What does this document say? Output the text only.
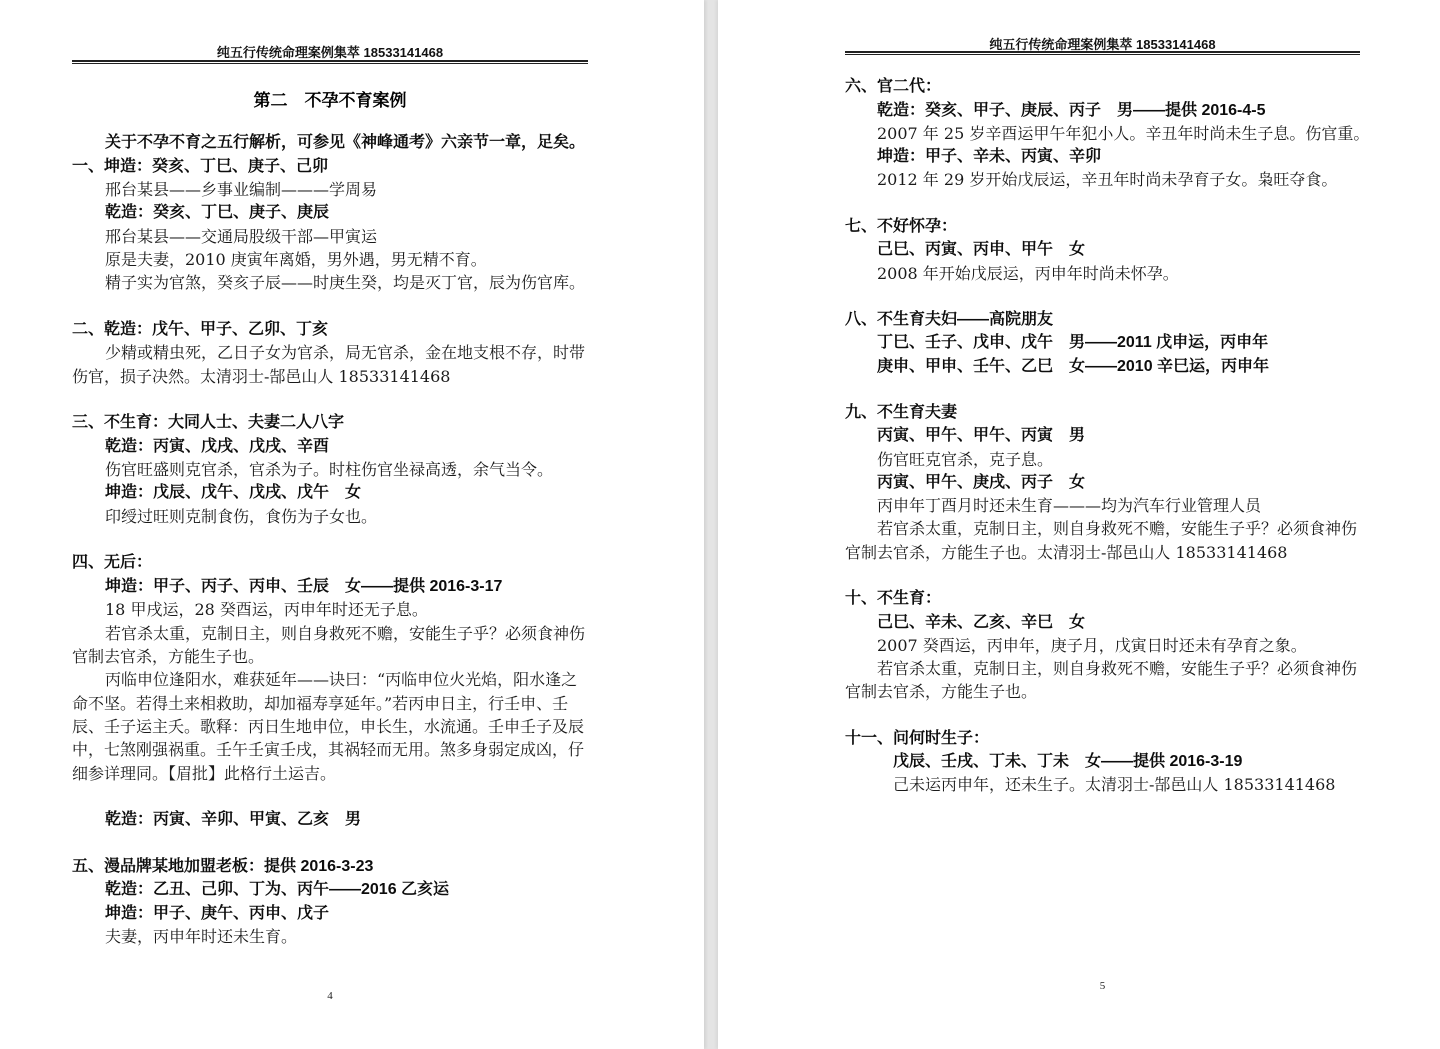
纯五行传统命理案例集萃 18533141468
第二　不孕不育案例
关于不孕不育之五行解析，可参见《神峰通考》六亲节一章，足矣。
一、坤造：癸亥、丁巳、庚子、己卯
邢台某县——乡事业编制———学周易
乾造：癸亥、丁巳、庚子、庚辰
邢台某县——交通局股级干部—甲寅运
原是夫妻，2010 庚寅年离婚，男外遇，男无精不育。
精子实为官煞，癸亥子辰——时庚生癸，均是灭丁官，辰为伤官库。
二、乾造：戊午、甲子、乙卯、丁亥
少精或精虫死，乙日子女为官杀，局无官杀，金在地支根不存，时带
伤官，损子决然。太清羽士-郜邑山人 18533141468
三、不生育：大同人士、夫妻二人八字
乾造：丙寅、戊戌、戊戌、辛酉
伤官旺盛则克官杀，官杀为子。时柱伤官坐禄高透，余气当令。
坤造：戊辰、戊午、戊戌、戊午　女
印绶过旺则克制食伤，食伤为子女也。
四、无后：
坤造：甲子、丙子、丙申、壬辰　女——提供 2016-3-17
18 甲戌运，28 癸酉运，丙申年时还无子息。
若官杀太重，克制日主，则自身救死不赡，安能生子乎？必须食神伤
官制去官杀，方能生子也。
丙临申位逢阳水，难获延年——诀曰：“丙临申位火光焰，阳水逢之
命不坚。若得土来相救助，却加福寿享延年。”若丙申日主，行壬申、壬
辰、壬子运主夭。歌释：丙日生地申位，申长生，水流通。壬申壬子及辰
中，七煞刚强祸重。壬午壬寅壬戌，其祸轻而无用。煞多身弱定成凶，仔
细参详理同。【眉批】此格行土运吉。
乾造：丙寅、辛卯、甲寅、乙亥　男
五、漫品牌某地加盟老板：提供 2016-3-23
乾造：乙丑、己卯、丁为、丙午——2016 乙亥运
坤造：甲子、庚午、丙申、戊子
夫妻，丙申年时还未生育。
4
纯五行传统命理案例集萃 18533141468
六、官二代：
乾造：癸亥、甲子、庚辰、丙子　男——提供 2016-4-5
2007 年 25 岁辛酉运甲午年犯小人。辛丑年时尚未生子息。伤官重。
坤造：甲子、辛未、丙寅、辛卯
2012 年 29 岁开始戊辰运，辛丑年时尚未孕育子女。枭旺夺食。
七、不好怀孕：
己巳、丙寅、丙申、甲午　女
2008 年开始戊辰运，丙申年时尚未怀孕。
八、不生育夫妇——高院朋友
丁巳、壬子、戊申、戊午　男——2011 戊申运，丙申年
庚申、甲申、壬午、乙巳　女——2010 辛巳运，丙申年
九、不生育夫妻
丙寅、甲午、甲午、丙寅　男
伤官旺克官杀，克子息。
丙寅、甲午、庚戌、丙子　女
丙申年丁酉月时还未生育———均为汽车行业管理人员
若官杀太重，克制日主，则自身救死不赡，安能生子乎？必须食神伤
官制去官杀，方能生子也。太清羽士-郜邑山人 18533141468
十、不生育：
己巳、辛未、乙亥、辛巳　女
2007 癸酉运，丙申年，庚子月，戊寅日时还未有孕育之象。
若官杀太重，克制日主，则自身救死不赡，安能生子乎？必须食神伤
官制去官杀，方能生子也。
十一、问何时生子：
戊辰、壬戌、丁未、丁未　女——提供 2016-3-19
己未运丙申年，还未生子。太清羽士-郜邑山人 18533141468
5
